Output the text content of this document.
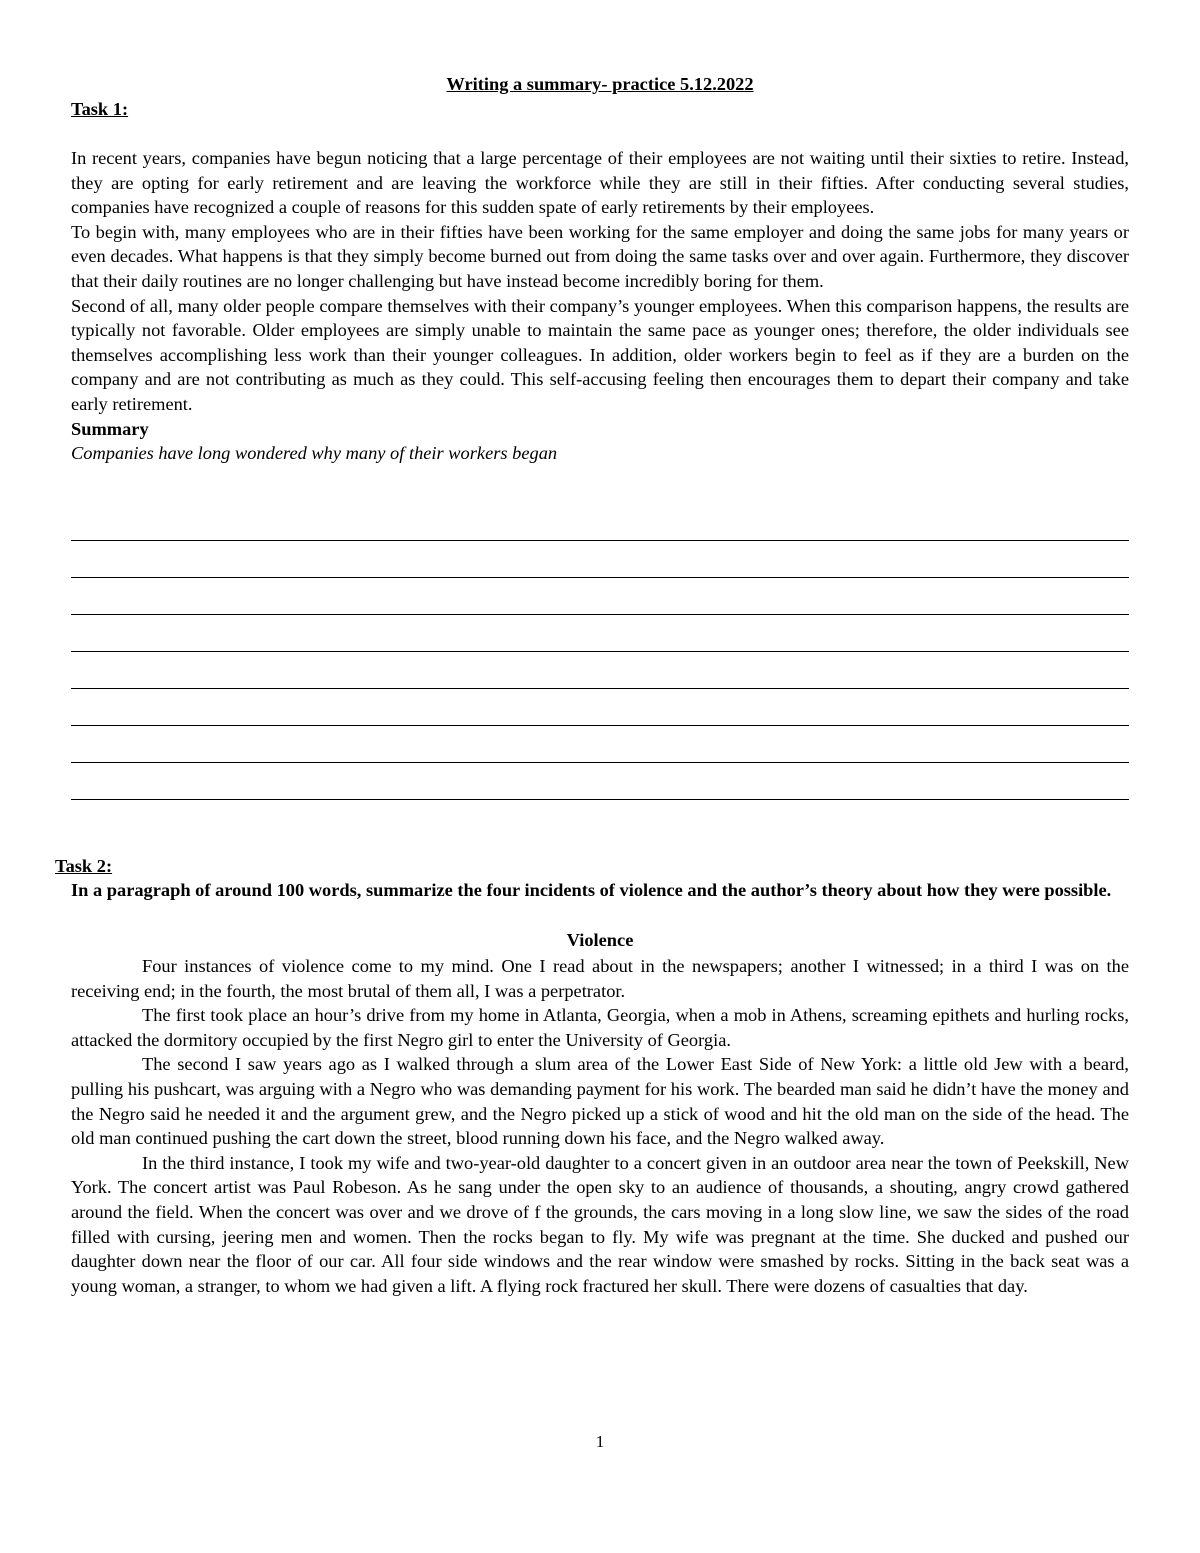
Writing a summary- practice 5.12.2022
Task 1:

In recent years, companies have begun noticing that a large percentage of their employees are not waiting until their sixties to retire. Instead, they are opting for early retirement and are leaving the workforce while they are still in their fifties. After conducting several studies, companies have recognized a couple of reasons for this sudden spate of early retirements by their employees.

To begin with, many employees who are in their fifties have been working for the same employer and doing the same jobs for many years or even decades. What happens is that they simply become burned out from doing the same tasks over and over again. Furthermore, they discover that their daily routines are no longer challenging but have instead become incredibly boring for them.

Second of all, many older people compare themselves with their company’s younger employees. When this comparison happens, the results are typically not favorable. Older employees are simply unable to maintain the same pace as younger ones; therefore, the older individuals see themselves accomplishing less work than their younger colleagues. In addition, older workers begin to feel as if they are a burden on the company and are not contributing as much as they could. This self-accusing feeling then encourages them to depart their company and take early retirement.

Summary

Companies have long wondered why many of their workers began

Task 2:

In a paragraph of around 100 words, summarize the four incidents of violence and the author’s theory about how they were possible.

Violence

Four instances of violence come to my mind. One I read about in the newspapers; another I witnessed; in a third I was on the receiving end; in the fourth, the most brutal of them all, I was a perpetrator.

The first took place an hour’s drive from my home in Atlanta, Georgia, when a mob in Athens, screaming epithets and hurling rocks, attacked the dormitory occupied by the first Negro girl to enter the University of Georgia.

The second I saw years ago as I walked through a slum area of the Lower East Side of New York: a little old Jew with a beard, pulling his pushcart, was arguing with a Negro who was demanding payment for his work. The bearded man said he didn’t have the money and the Negro said he needed it and the argument grew, and the Negro picked up a stick of wood and hit the old man on the side of the head. The old man continued pushing the cart down the street, blood running down his face, and the Negro walked away.

In the third instance, I took my wife and two-year-old daughter to a concert given in an outdoor area near the town of Peekskill, New York. The concert artist was Paul Robeson. As he sang under the open sky to an audience of thousands, a shouting, angry crowd gathered around the field. When the concert was over and we drove of f the grounds, the cars moving in a long slow line, we saw the sides of the road filled with cursing, jeering men and women. Then the rocks began to fly. My wife was pregnant at the time. She ducked and pushed our daughter down near the floor of our car. All four side windows and the rear window were smashed by rocks. Sitting in the back seat was a young woman, a stranger, to whom we had given a lift. A flying rock fractured her skull. There were dozens of casualties that day.

1
